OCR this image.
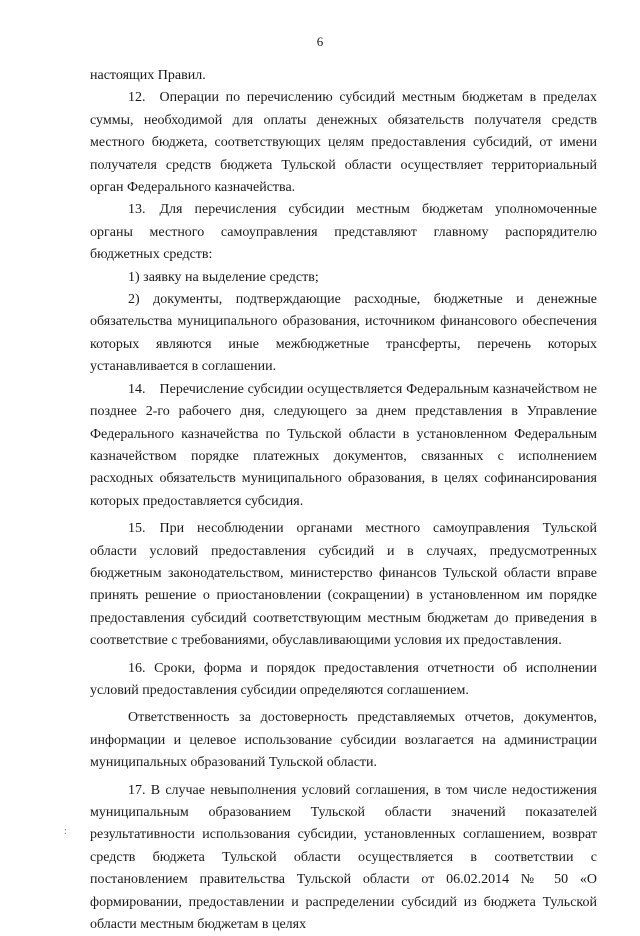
6

настоящих Правил.

12. Операции по перечислению субсидий местным бюджетам в пределах суммы, необходимой для оплаты денежных обязательств получателя средств местного бюджета, соответствующих целям предоставления субсидий, от имени получателя средств бюджета Тульской области осуществляет территориальный орган Федерального казначейства.

13. Для перечисления субсидии местным бюджетам уполномоченные органы местного самоуправления представляют главному распорядителю бюджетных средств:

1) заявку на выделение средств;

2) документы, подтверждающие расходные, бюджетные и денежные обязательства муниципального образования, источником финансового обеспечения которых являются иные межбюджетные трансферты, перечень которых устанавливается в соглашении.

14. Перечисление субсидии осуществляется Федеральным казначейством не позднее 2-го рабочего дня, следующего за днем представления в Управление Федерального казначейства по Тульской области в установленном Федеральным казначейством порядке платежных документов, связанных с исполнением расходных обязательств муниципального образования, в целях софинансирования которых предоставляется субсидия.

15. При несоблюдении органами местного самоуправления Тульской области условий предоставления субсидий и в случаях, предусмотренных бюджетным законодательством, министерство финансов Тульской области вправе принять решение о приостановлении (сокращении) в установленном им порядке предоставления субсидий соответствующим местным бюджетам до приведения в соответствие с требованиями, обуславливающими условия их предоставления.

16. Сроки, форма и порядок предоставления отчетности об исполнении условий предоставления субсидии определяются соглашением.

Ответственность за достоверность представляемых отчетов, документов, информации и целевое использование субсидии возлагается на администрации муниципальных образований Тульской области.

17. В случае невыполнения условий соглашения, в том числе недостижения муниципальным образованием Тульской области значений показателей результативности использования субсидии, установленных соглашением, возврат средств бюджета Тульской области осуществляется в соответствии с постановлением правительства Тульской области от 06.02.2014 № 50 «О формировании, предоставлении и распределении субсидий из бюджета Тульской области местным бюджетам в целях

:
